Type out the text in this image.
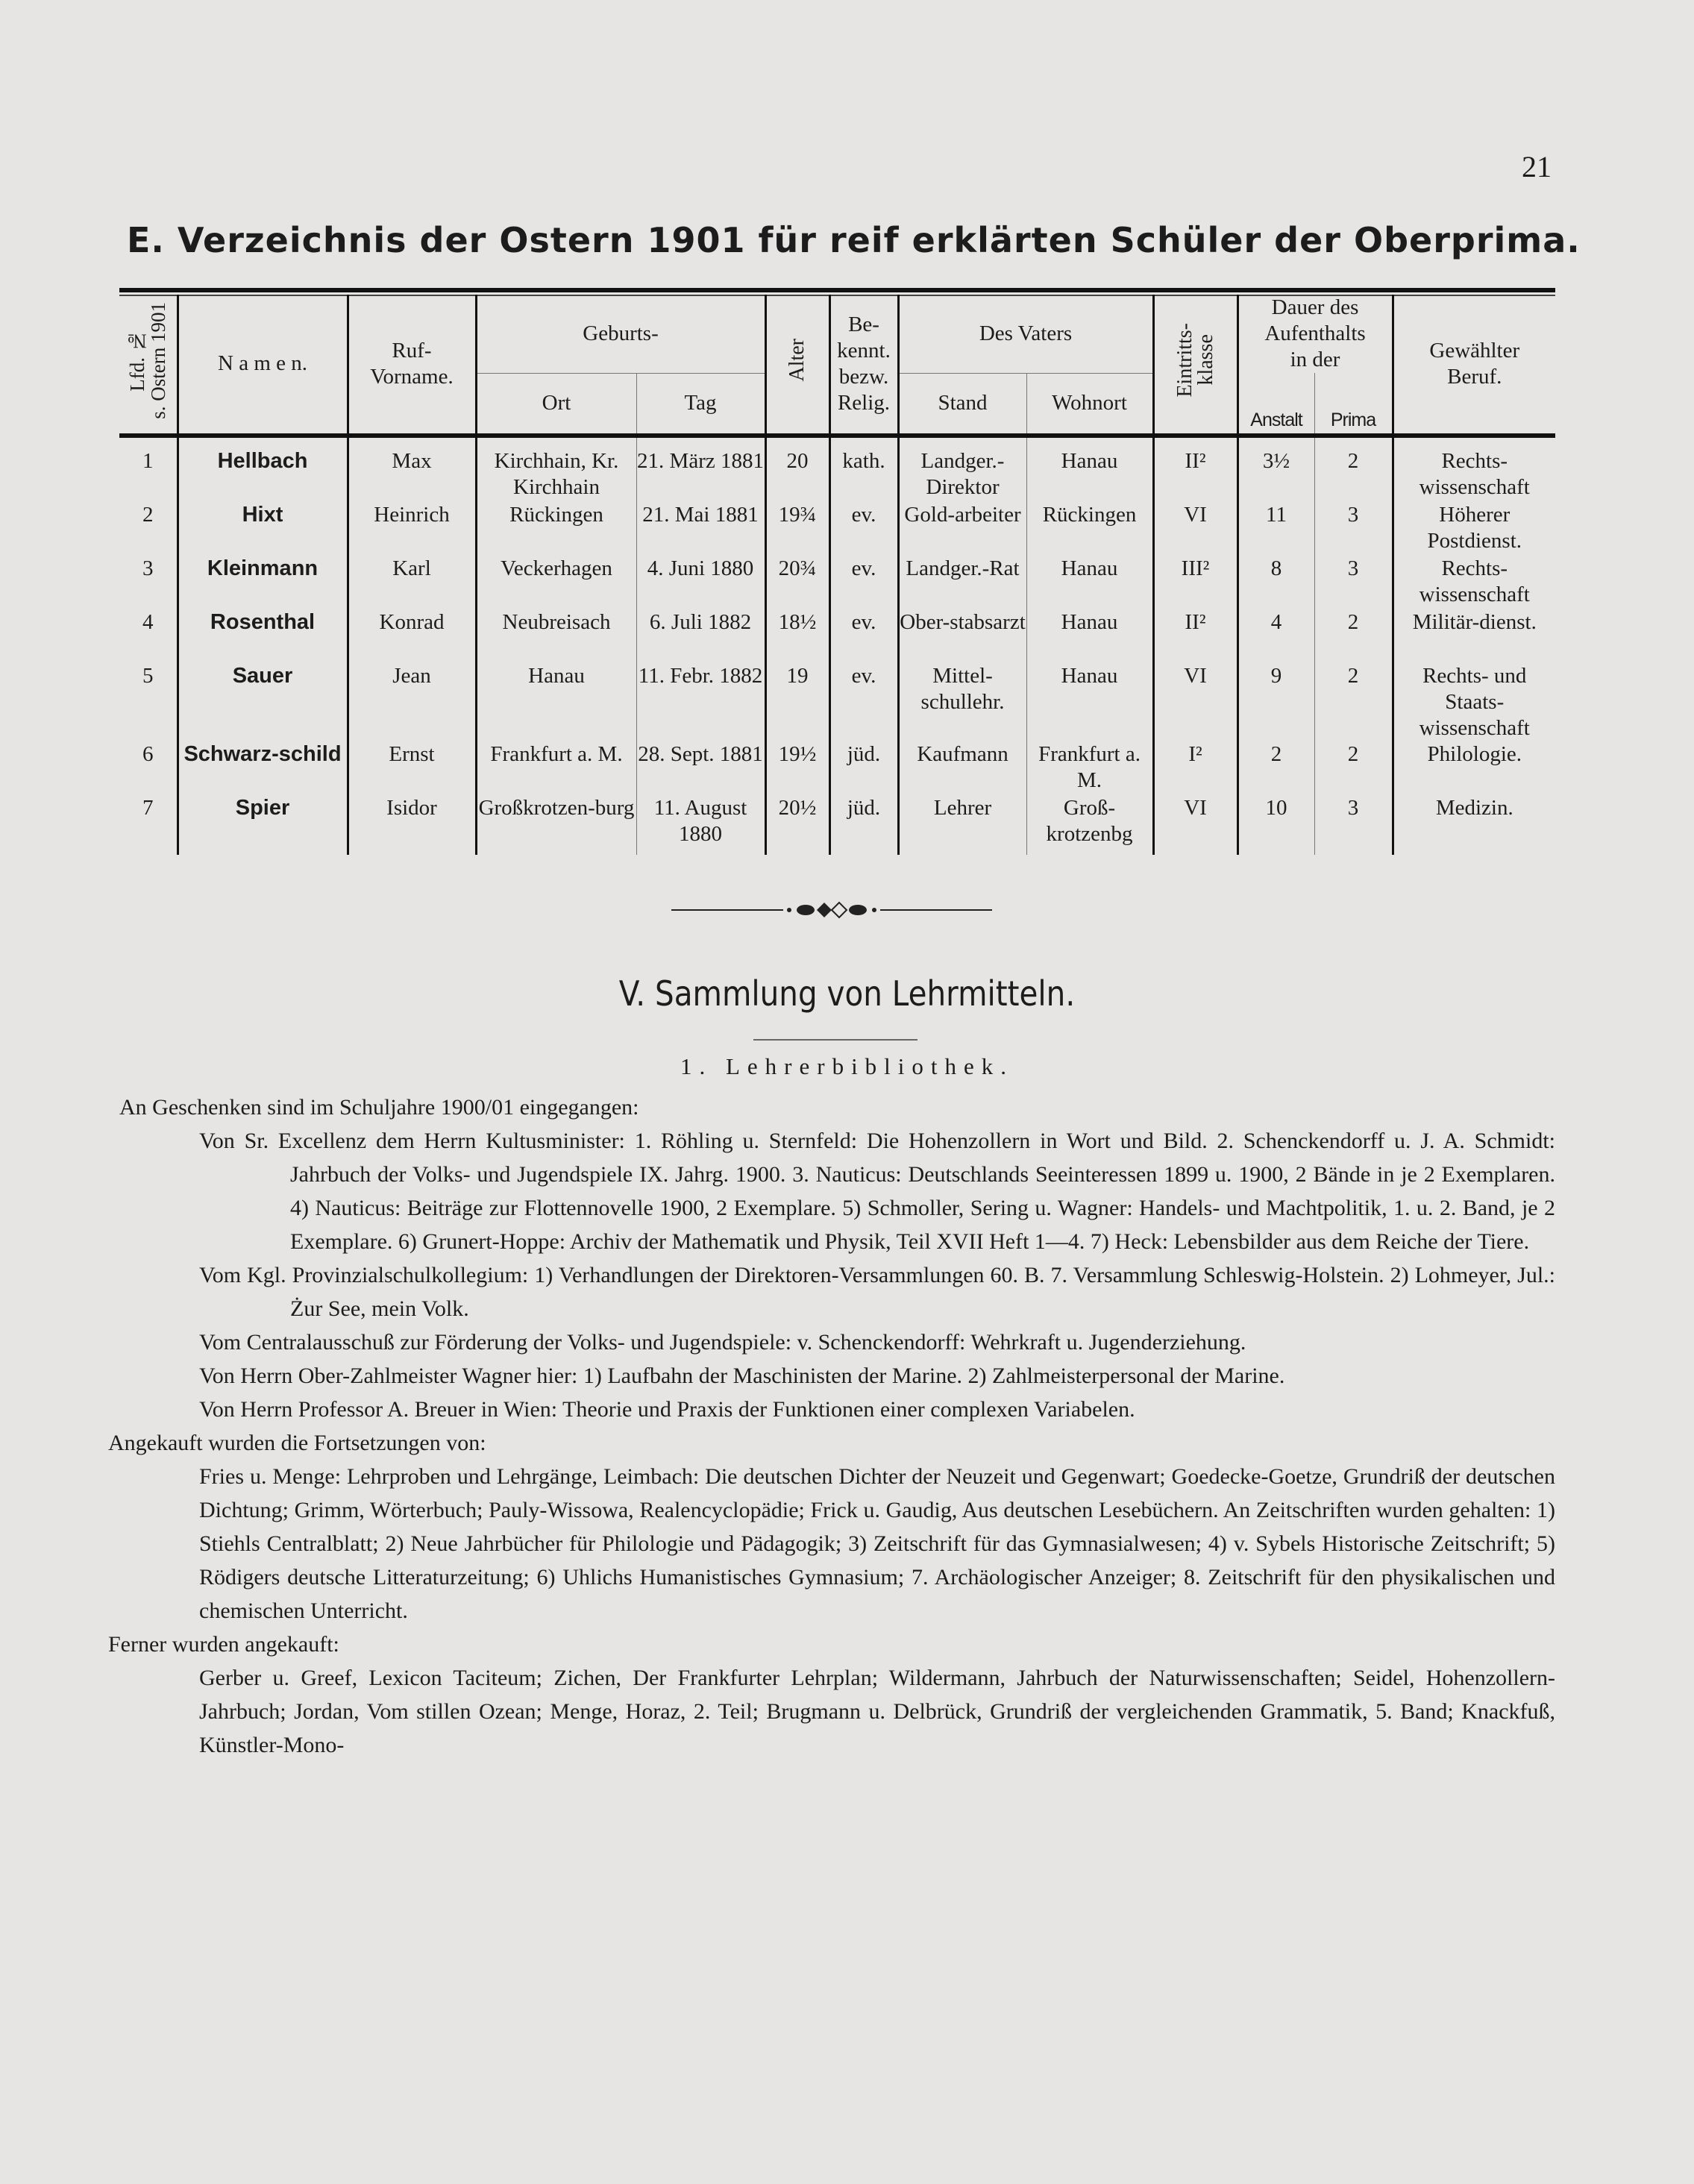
21
E. Verzeichnis der Ostern 1901 für reif erklärten Schüler der Oberprima.
Lfd. №
s. Ostern 1901	N a m e n.	Ruf-
Vorname.	Geburts-		Alter	Be-
kennt.
bezw.
Relig.	Des Vaters		Eintritts-
klasse	Dauer des
Aufenthalts
in der		Gewählter
Beruf.

			Ort	Tag			Stand	Wohnort		Anstalt	Prima	
1	Hellbach	Max	Kirchhain, Kr. Kirchhain	21. März 1881	20	kath.	Landger.-Direktor	Hanau	II²	3½	2	Rechts-wissenschaft
2	Hixt	Heinrich	Rückingen	21. Mai 1881	19¾	ev.	Gold-arbeiter	Rückingen	VI	11	3	Höherer Postdienst.
3	Kleinmann	Karl	Veckerhagen	4. Juni 1880	20¾	ev.	Landger.-Rat	Hanau	III²	8	3	Rechts-wissenschaft
4	Rosenthal	Konrad	Neubreisach	6. Juli 1882	18½	ev.	Ober-stabsarzt	Hanau	II²	4	2	Militär-dienst.
5	Sauer	Jean	Hanau	11. Febr. 1882	19	ev.	Mittel-schullehr.	Hanau	VI	9	2	Rechts- und Staats-wissenschaft
6	Schwarz-schild	Ernst	Frankfurt a. M.	28. Sept. 1881	19½	jüd.	Kaufmann	Frankfurt a. M.	I²	2	2	Philologie.
7	Spier	Isidor	Großkrotzen-burg	11. August 1880	20½	jüd.	Lehrer	Groß-krotzenbg	VI	10	3	Medizin.
V. Sammlung von Lehrmitteln.
1. Lehrerbibliothek.

An Geschenken sind im Schuljahre 1900/01 eingegangen:

Von Sr. Excellenz dem Herrn Kultusminister: 1. Röhling u. Sternfeld: Die Hohenzollern in Wort und Bild. 2. Schenckendorff u. J. A. Schmidt: Jahrbuch der Volks- und Jugendspiele IX. Jahrg. 1900. 3. Nauticus: Deutschlands Seeinteressen 1899 u. 1900, 2 Bände in je 2 Exemplaren. 4) Nauticus: Beiträge zur Flottennovelle 1900, 2 Exemplare. 5) Schmoller, Sering u. Wagner: Handels- und Machtpolitik, 1. u. 2. Band, je 2 Exemplare. 6) Grunert-Hoppe: Archiv der Mathematik und Physik, Teil XVII Heft 1—4. 7) Heck: Lebensbilder aus dem Reiche der Tiere.

Vom Kgl. Provinzialschulkollegium: 1) Verhandlungen der Direktoren-Versammlungen 60. B. 7. Versammlung Schleswig-Holstein. 2) Lohmeyer, Jul.: Żur See, mein Volk.

Vom Centralausschuß zur Förderung der Volks- und Jugendspiele: v. Schenckendorff: Wehrkraft u. Jugenderziehung.

Von Herrn Ober-Zahlmeister Wagner hier: 1) Laufbahn der Maschinisten der Marine. 2) Zahlmeisterpersonal der Marine.

Von Herrn Professor A. Breuer in Wien: Theorie und Praxis der Funktionen einer complexen Variabelen.

Angekauft wurden die Fortsetzungen von:

Fries u. Menge: Lehrproben und Lehrgänge, Leimbach: Die deutschen Dichter der Neuzeit und Gegenwart; Goedecke-Goetze, Grundriß der deutschen Dichtung; Grimm, Wörterbuch; Pauly-Wissowa, Realencyclopädie; Frick u. Gaudig, Aus deutschen Lesebüchern. An Zeitschriften wurden gehalten: 1) Stiehls Centralblatt; 2) Neue Jahrbücher für Philologie und Pädagogik; 3) Zeitschrift für das Gymnasialwesen; 4) v. Sybels Historische Zeitschrift; 5) Rödigers deutsche Litteraturzeitung; 6) Uhlichs Humanistisches Gymnasium; 7. Archäologischer Anzeiger; 8. Zeitschrift für den physikalischen und chemischen Unterricht.

Ferner wurden angekauft:

Gerber u. Greef, Lexicon Taciteum; Zichen, Der Frankfurter Lehrplan; Wildermann, Jahrbuch der Naturwissenschaften; Seidel, Hohenzollern-Jahrbuch; Jordan, Vom stillen Ozean; Menge, Horaz, 2. Teil; Brugmann u. Delbrück, Grundriß der vergleichenden Grammatik, 5. Band; Knackfuß, Künstler-Mono-
